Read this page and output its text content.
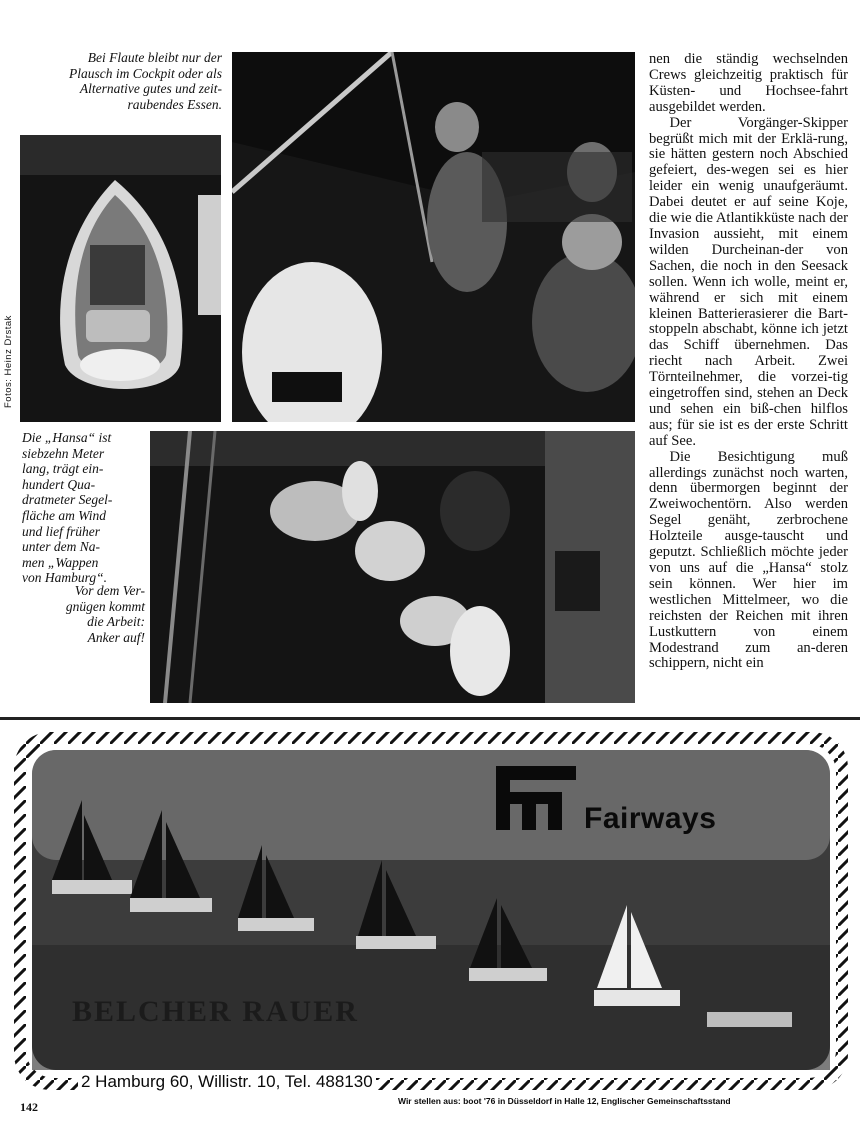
Bei Flaute bleibt nur der
Plausch im Cockpit oder als
Alternative gutes und zeit-
raubendes Essen.
Fotos: Heinz Drstak
Die „Hansa“ ist
siebzehn Meter
lang, trägt ein-
hundert Qua-
dratmeter Segel-
fläche am Wind
und lief früher
unter dem Na-
men „Wappen
von Hamburg“.
Vor dem Ver-
gnügen kommt
die Arbeit:
Anker auf!

nen die ständig wechselnden Crews gleichzeitig praktisch für Küsten- und Hochsee-fahrt ausgebildet werden.

Der Vorgänger-Skipper begrüßt mich mit der Erklä-rung, sie hätten gestern noch Abschied gefeiert, des-wegen sei es hier leider ein wenig unaufgeräumt. Dabei deutet er auf seine Koje, die wie die Atlantikküste nach der Invasion aussieht, mit einem wilden Durcheinan-der von Sachen, die noch in den Seesack sollen. Wenn ich wolle, meint er, während er sich mit einem kleinen Batterierasierer die Bart-stoppeln abschabt, könne ich jetzt das Schiff übernehmen. Das riecht nach Arbeit. Zwei Törnteilnehmer, die vorzei-tig eingetroffen sind, stehen an Deck und sehen ein biß-chen hilflos aus; für sie ist es der erste Schritt auf See.

Die Besichtigung muß allerdings zunächst noch warten, denn übermorgen beginnt der Zweiwochentörn. Also werden Segel genäht, zerbrochene Holzteile ausge-tauscht und geputzt. Schließlich möchte jeder von uns auf die „Hansa“ stolz sein können. Wer hier im westlichen Mittelmeer, wo die reichsten der Reichen mit ihren Lustkuttern von einem Modestrand zum an-deren schippern, nicht ein

Fairways
BELCHER RAUER
2 Hamburg 60, Willistr. 10, Tel. 488130
Wir stellen aus: boot '76 in Düsseldorf in Halle 12, Englischer Gemeinschaftsstand
142
